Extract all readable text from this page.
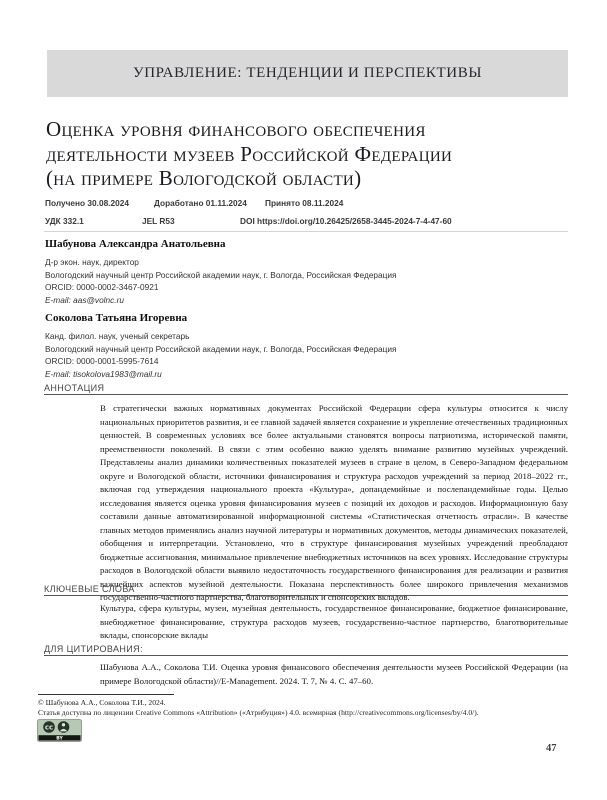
УПРАВЛЕНИЕ: ТЕНДЕНЦИИ И ПЕРСПЕКТИВЫ
Оценка уровня финансового обеспечения
деятельности музеев Российской Федерации
(на примере Вологодской области)
Получено 30.08.2024	Доработано 01.11.2024 Принято 08.11.2024
УДК 332.1	JEL R53	DOI https://doi.org/10.26425/2658-3445-2024-7-4-47-60
Шабунова Александра Анатольевна
Д-р экон. наук, директор
Вологодский научный центр Российской академии наук, г. Вологда, Российская Федерация
ORCID: 0000-0002-3467-0921
E-mail: aas@volnc.ru
Соколова Татьяна Игоревна
Канд. филол. наук, ученый секретарь
Вологодский научный центр Российской академии наук, г. Вологда, Российская Федерация
ORCID: 0000-0001-5995-7614
E-mail: tisokolova1983@mail.ru
АННОТАЦИЯ
В стратегически важных нормативных документах Российской Федерации сфера культуры относится к числу национальных приоритетов развития, и ее главной задачей является сохранение и укрепление отечественных традиционных ценностей. В современных условиях все более актуальными становятся вопросы патриотизма, исторической памяти, преемственности поколений. В связи с этим особенно важно уделять внимание развитию музейных учреждений. Представлены анализ динамики количественных показателей музеев в стране в целом, в Северо-Западном федеральном округе и Вологодской области, источники финансирования и структура расходов учреждений за период 2018–2022 гг., включая год утверждения национального проекта «Культура», допандемийные и послепандемийные годы. Целью исследования является оценка уровня финансирования музеев с позиций их доходов и расходов. Информационную базу составили данные автоматизированной информационной системы «Статистическая отчетность отрасли». В качестве главных методов применялись анализ научной литературы и нормативных документов, методы динамических показателей, обобщения и интерпретации. Установлено, что в структуре финансирования музейных учреждений преобладают бюджетные ассигнования, минимальное привлечение внебюджетных источников на всех уровнях. Исследование структуры расходов в Вологодской области выявило недостаточность государственного финансирования для реализации и развития важнейших аспектов музейной деятельности. Показана перспективность более широкого привлечения механизмов государственно-частного партнерства, благотворительных и спонсорских вкладов.
КЛЮЧЕВЫЕ СЛОВА
Культура, сфера культуры, музеи, музейная деятельность, государственное финансирование, бюджетное финансирование, внебюджетное финансирование, структура расходов музеев, государственно-частное партнерство, благотворительные вклады, спонсорские вклады
ДЛЯ ЦИТИРОВАНИЯ:
Шабунова А.А., Соколова Т.И. Оценка уровня финансового обеспечения деятельности музеев Российской Федерации (на примере Вологодской области)//E-Management. 2024. Т. 7, № 4. С. 47–60.
© Шабунова А.А., Соколова Т.И., 2024.
Статья доступна по лицензии Creative Commons «Attribution» («Атрибуция») 4.0. всемирная (http://creativecommons.org/licenses/by/4.0/).
cc
BY
47
